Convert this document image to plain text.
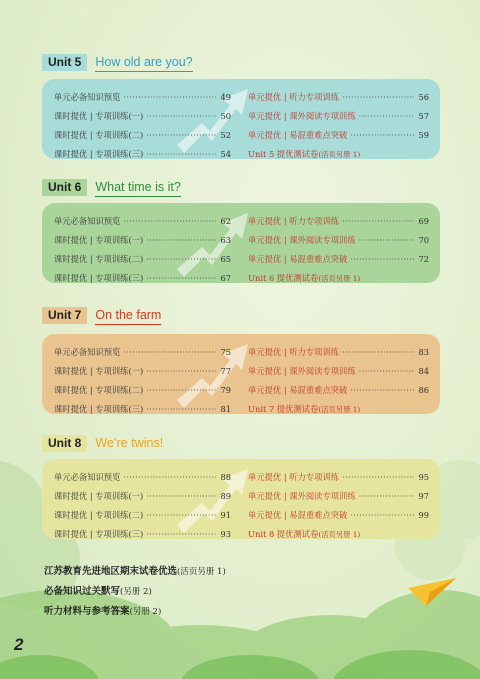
Unit 5	How old are you?
单元必备知识预览 ·····	49
课时提优 | 专项训练(一) ·····	50
课时提优 | 专项训练(二) ·····	52
课时提优 | 专项训练(三) ·····	54
单元提优 | 听力专项训练 ·····	56
单元提优 | 课外阅读专项训练 ·····	57
单元提优 | 易混重难点突破 ·····	59
Unit 5 提优测试卷 (活页另册 1)
Unit 6	What time is it?
单元必备知识预览 ·····	62
课时提优 | 专项训练(一) ·····	63
课时提优 | 专项训练(二) ·····	65
课时提优 | 专项训练(三) ·····	67
单元提优 | 听力专项训练 ·····	69
单元提优 | 课外阅读专项训练 ·····	70
单元提优 | 易混重难点突破 ·····	72
Unit 6 提优测试卷 (活页另册 1)
Unit 7	On the farm
单元必备知识预览 ·····	75
课时提优 | 专项训练(一) ·····	77
课时提优 | 专项训练(二) ·····	79
课时提优 | 专项训练(三) ·····	81
单元提优 | 听力专项训练 ·····	83
单元提优 | 课外阅读专项训练 ·····	84
单元提优 | 易混重难点突破 ·····	86
Unit 7 提优测试卷 (活页另册 1)
Unit 8	We’re twins!
单元必备知识预览 ·····	88
课时提优 | 专项训练(一) ·····	89
课时提优 | 专项训练(二) ·····	91
课时提优 | 专项训练(三) ·····	93
单元提优 | 听力专项训练 ·····	95
单元提优 | 课外阅读专项训练 ·····	97
单元提优 | 易混重难点突破 ·····	99
Unit 8 提优测试卷 (活页另册 1)
江苏教育先进地区期末试卷优选(活页另册 1)
必备知识过关默写(另册 2)
听力材料与参考答案(另册 2)
2
